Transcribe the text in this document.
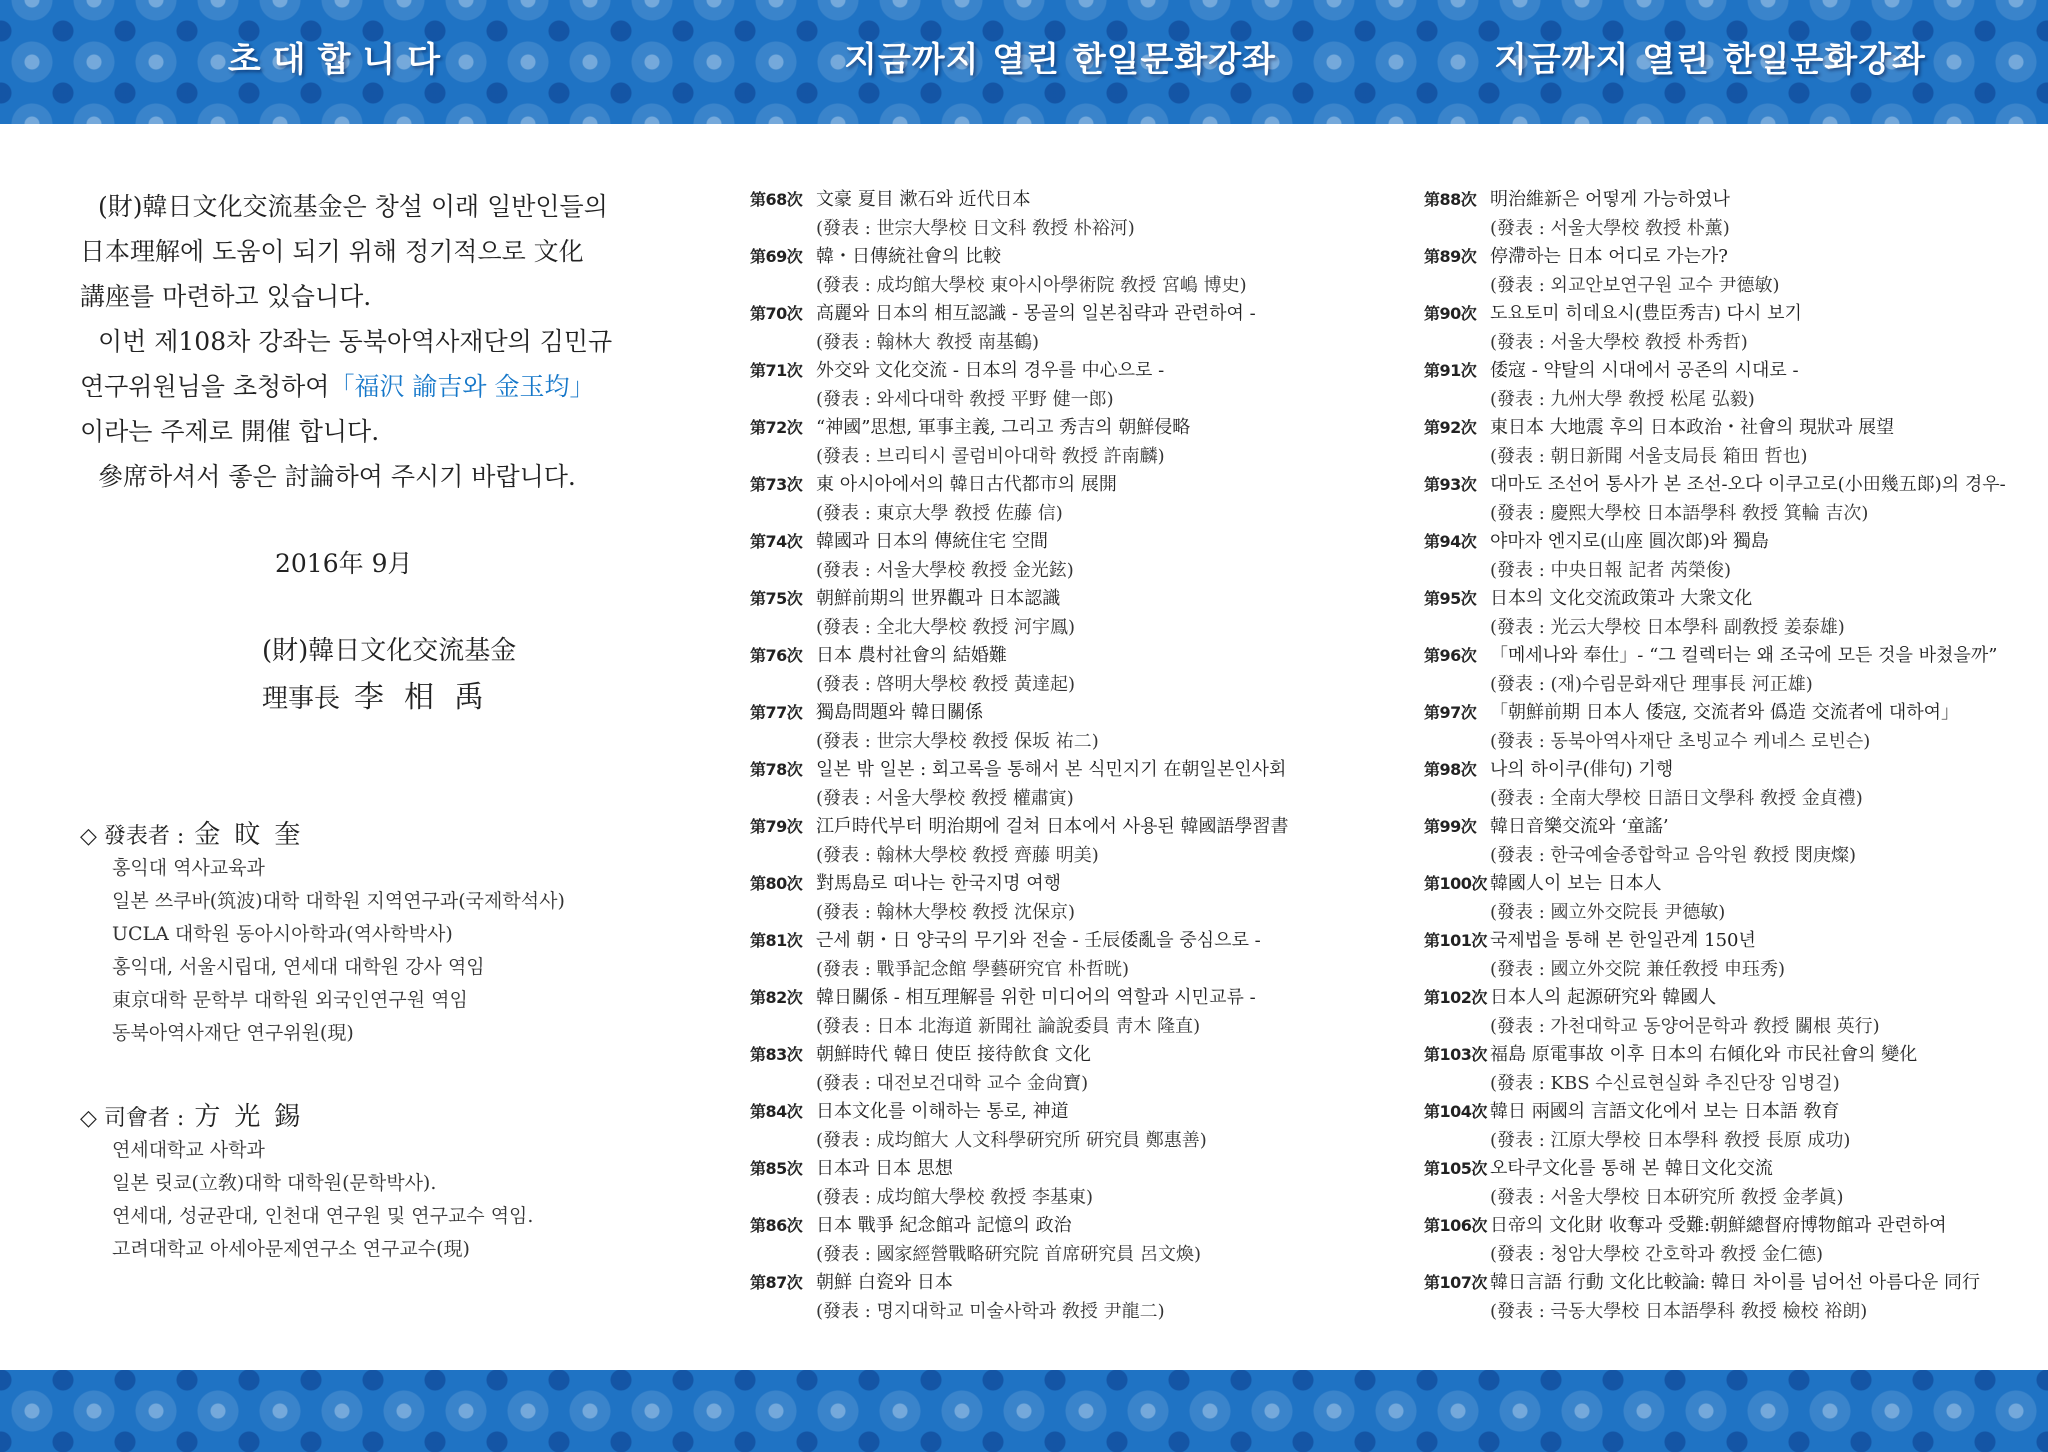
초대합니다	지금까지 열린 한일문화강좌	지금까지 열린 한일문화강좌

(財)韓日文化交流基金은 창설 이래 일반인들의

日本理解에 도움이 되기 위해 정기적으로 文化

講座를 마련하고 있습니다.

이번 제108차 강좌는 동북아역사재단의 김민규

연구위원님을 초청하여「福沢 諭吉와 金玉均」

이라는 주제로 開催 합니다.

參席하셔서 좋은 討論하여 주시기 바랍니다.

2016年 9月
(財)韓日文化交流基金
理事長 李相禹
◇ 發表者 : 金旼奎
홍익대 역사교육과
일본 쓰쿠바(筑波)대학 대학원 지역연구과(국제학석사)
UCLA 대학원 동아시아학과(역사학박사)
홍익대, 서울시립대, 연세대 대학원 강사 역임
東京대학 문학부 대학원 외국인연구원 역임
동북아역사재단 연구위원(現)
◇ 司會者 : 方光錫
연세대학교 사학과
일본 릿쿄(立敎)대학 대학원(문학박사).
연세대, 성균관대, 인천대 연구원 및 연구교수 역임.
고려대학교 아세아문제연구소 연구교수(現)
第68次 文豪 夏目 漱石와 近代日本
(發表 : 世宗大學校 日文科 敎授 朴裕河)
第69次 韓・日傳統社會의 比較
(發表 : 成均館大學校 東아시아學術院 敎授 宮嶋 博史)
第70次 高麗와 日本의 相互認識 - 몽골의 일본침략과 관련하여 -
(發表 : 翰林大 敎授 南基鶴)
第71次 外交와 文化交流 - 日本의 경우를 中心으로 -
(發表 : 와세다대학 敎授 平野 健一郎)
第72次 “神國”思想, 軍事主義, 그리고 秀吉의 朝鮮侵略
(發表 : 브리티시 콜럼비아대학 敎授 許南麟)
第73次 東 아시아에서의 韓日古代都市의 展開
(發表 : 東京大學 敎授 佐藤 信)
第74次 韓國과 日本의 傳統住宅 空間
(發表 : 서울大學校 敎授 金光鉉)
第75次 朝鮮前期의 世界觀과 日本認識
(發表 : 全北大學校 敎授 河宇鳳)
第76次 日本 農村社會의 結婚難
(發表 : 啓明大學校 敎授 黃達起)
第77次 獨島問題와 韓日關係
(發表 : 世宗大學校 敎授 保坂 祐二)
第78次 일본 밖 일본 : 회고록을 통해서 본 식민지기 在朝일본인사회
(發表 : 서울大學校 敎授 權肅寅)
第79次 江戶時代부터 明治期에 걸쳐 日本에서 사용된 韓國語學習書
(發表 : 翰林大學校 敎授 齊藤 明美)
第80次 對馬島로 떠나는 한국지명 여행
(發表 : 翰林大學校 敎授 沈保京)
第81次 근세 朝・日 양국의 무기와 전술 - 壬辰倭亂을 중심으로 -
(發表 : 戰爭記念館 學藝硏究官 朴哲晄)
第82次 韓日關係 - 相互理解를 위한 미디어의 역할과 시민교류 -
(發表 : 日本 北海道 新聞社 論說委員 靑木 隆直)
第83次 朝鮮時代 韓日 使臣 接待飮食 文化
(發表 : 대전보건대학 교수 金尙寶)
第84次 日本文化를 이해하는 통로, 神道
(發表 : 成均館大 人文科學硏究所 硏究員 鄭惠善)
第85次 日本과 日本 思想
(發表 : 成均館大學校 敎授 李基東)
第86次 日本 戰爭 紀念館과 記憶의 政治
(發表 : 國家經營戰略硏究院 首席硏究員 呂文煥)
第87次 朝鮮 白瓷와 日本
(發表 : 명지대학교 미술사학과 敎授 尹龍二)
第88次 明治維新은 어떻게 가능하였나
(發表 : 서울大學校 敎授 朴薰)
第89次 停滯하는 日本 어디로 가는가?
(發表 : 외교안보연구원 교수 尹德敏)
第90次 도요토미 히데요시(豊臣秀吉) 다시 보기
(發表 : 서울大學校 敎授 朴秀哲)
第91次 倭寇 - 약탈의 시대에서 공존의 시대로 -
(發表 : 九州大學 敎授 松尾 弘毅)
第92次 東日本 大地震 후의 日本政治・社會의 現狀과 展望
(發表 : 朝日新聞 서울支局長 箱田 哲也)
第93次 대마도 조선어 통사가 본 조선-오다 이쿠고로(小田幾五郞)의 경우-
(發表 : 慶熙大學校 日本語學科 敎授 箕輪 吉次)
第94次 야마자 엔지로(山座 圓次郞)와 獨島
(發表 : 中央日報 記者 芮榮俊)
第95次 日本의 文化交流政策과 大衆文化
(發表 : 光云大學校 日本學科 副敎授 姜泰雄)
第96次 「메세나와 奉仕」- “그 컬렉터는 왜 조국에 모든 것을 바쳤을까”
(發表 : (재)수림문화재단 理事長 河正雄)
第97次 「朝鮮前期 日本人 倭寇, 交流者와 僞造 交流者에 대하여」
(發表 : 동북아역사재단 초빙교수 케네스 로빈슨)
第98次 나의 하이쿠(俳句) 기행
(發表 : 全南大學校 日語日文學科 敎授 金貞禮)
第99次 韓日音樂交流와 ‘童謠’
(發表 : 한국예술종합학교 음악원 敎授 閔庚燦)
第100次 韓國人이 보는 日本人
(發表 : 國立外交院長 尹德敏)
第101次 국제법을 통해 본 한일관계 150년
(發表 : 國立外交院 兼任敎授 申珏秀)
第102次 日本人의 起源硏究와 韓國人
(發表 : 가천대학교 동양어문학과 敎授 關根 英行)
第103次 福島 原電事故 이후 日本의 右傾化와 市民社會의 變化
(發表 : KBS 수신료현실화 추진단장 임병걸)
第104次 韓日 兩國의 言語文化에서 보는 日本語 敎育
(發表 : 江原大學校 日本學科 敎授 長原 成功)
第105次 오타쿠文化를 통해 본 韓日文化交流
(發表 : 서울大學校 日本硏究所 敎授 金孝眞)
第106次 日帝의 文化財 收奪과 受難:朝鮮總督府博物館과 관련하여
(發表 : 청암大學校 간호학과 敎授 金仁德)
第107次 韓日言語 行動 文化比較論: 韓日 차이를 넘어선 아름다운 同行
(發表 : 극동大學校 日本語學科 敎授 檢校 裕朗)
